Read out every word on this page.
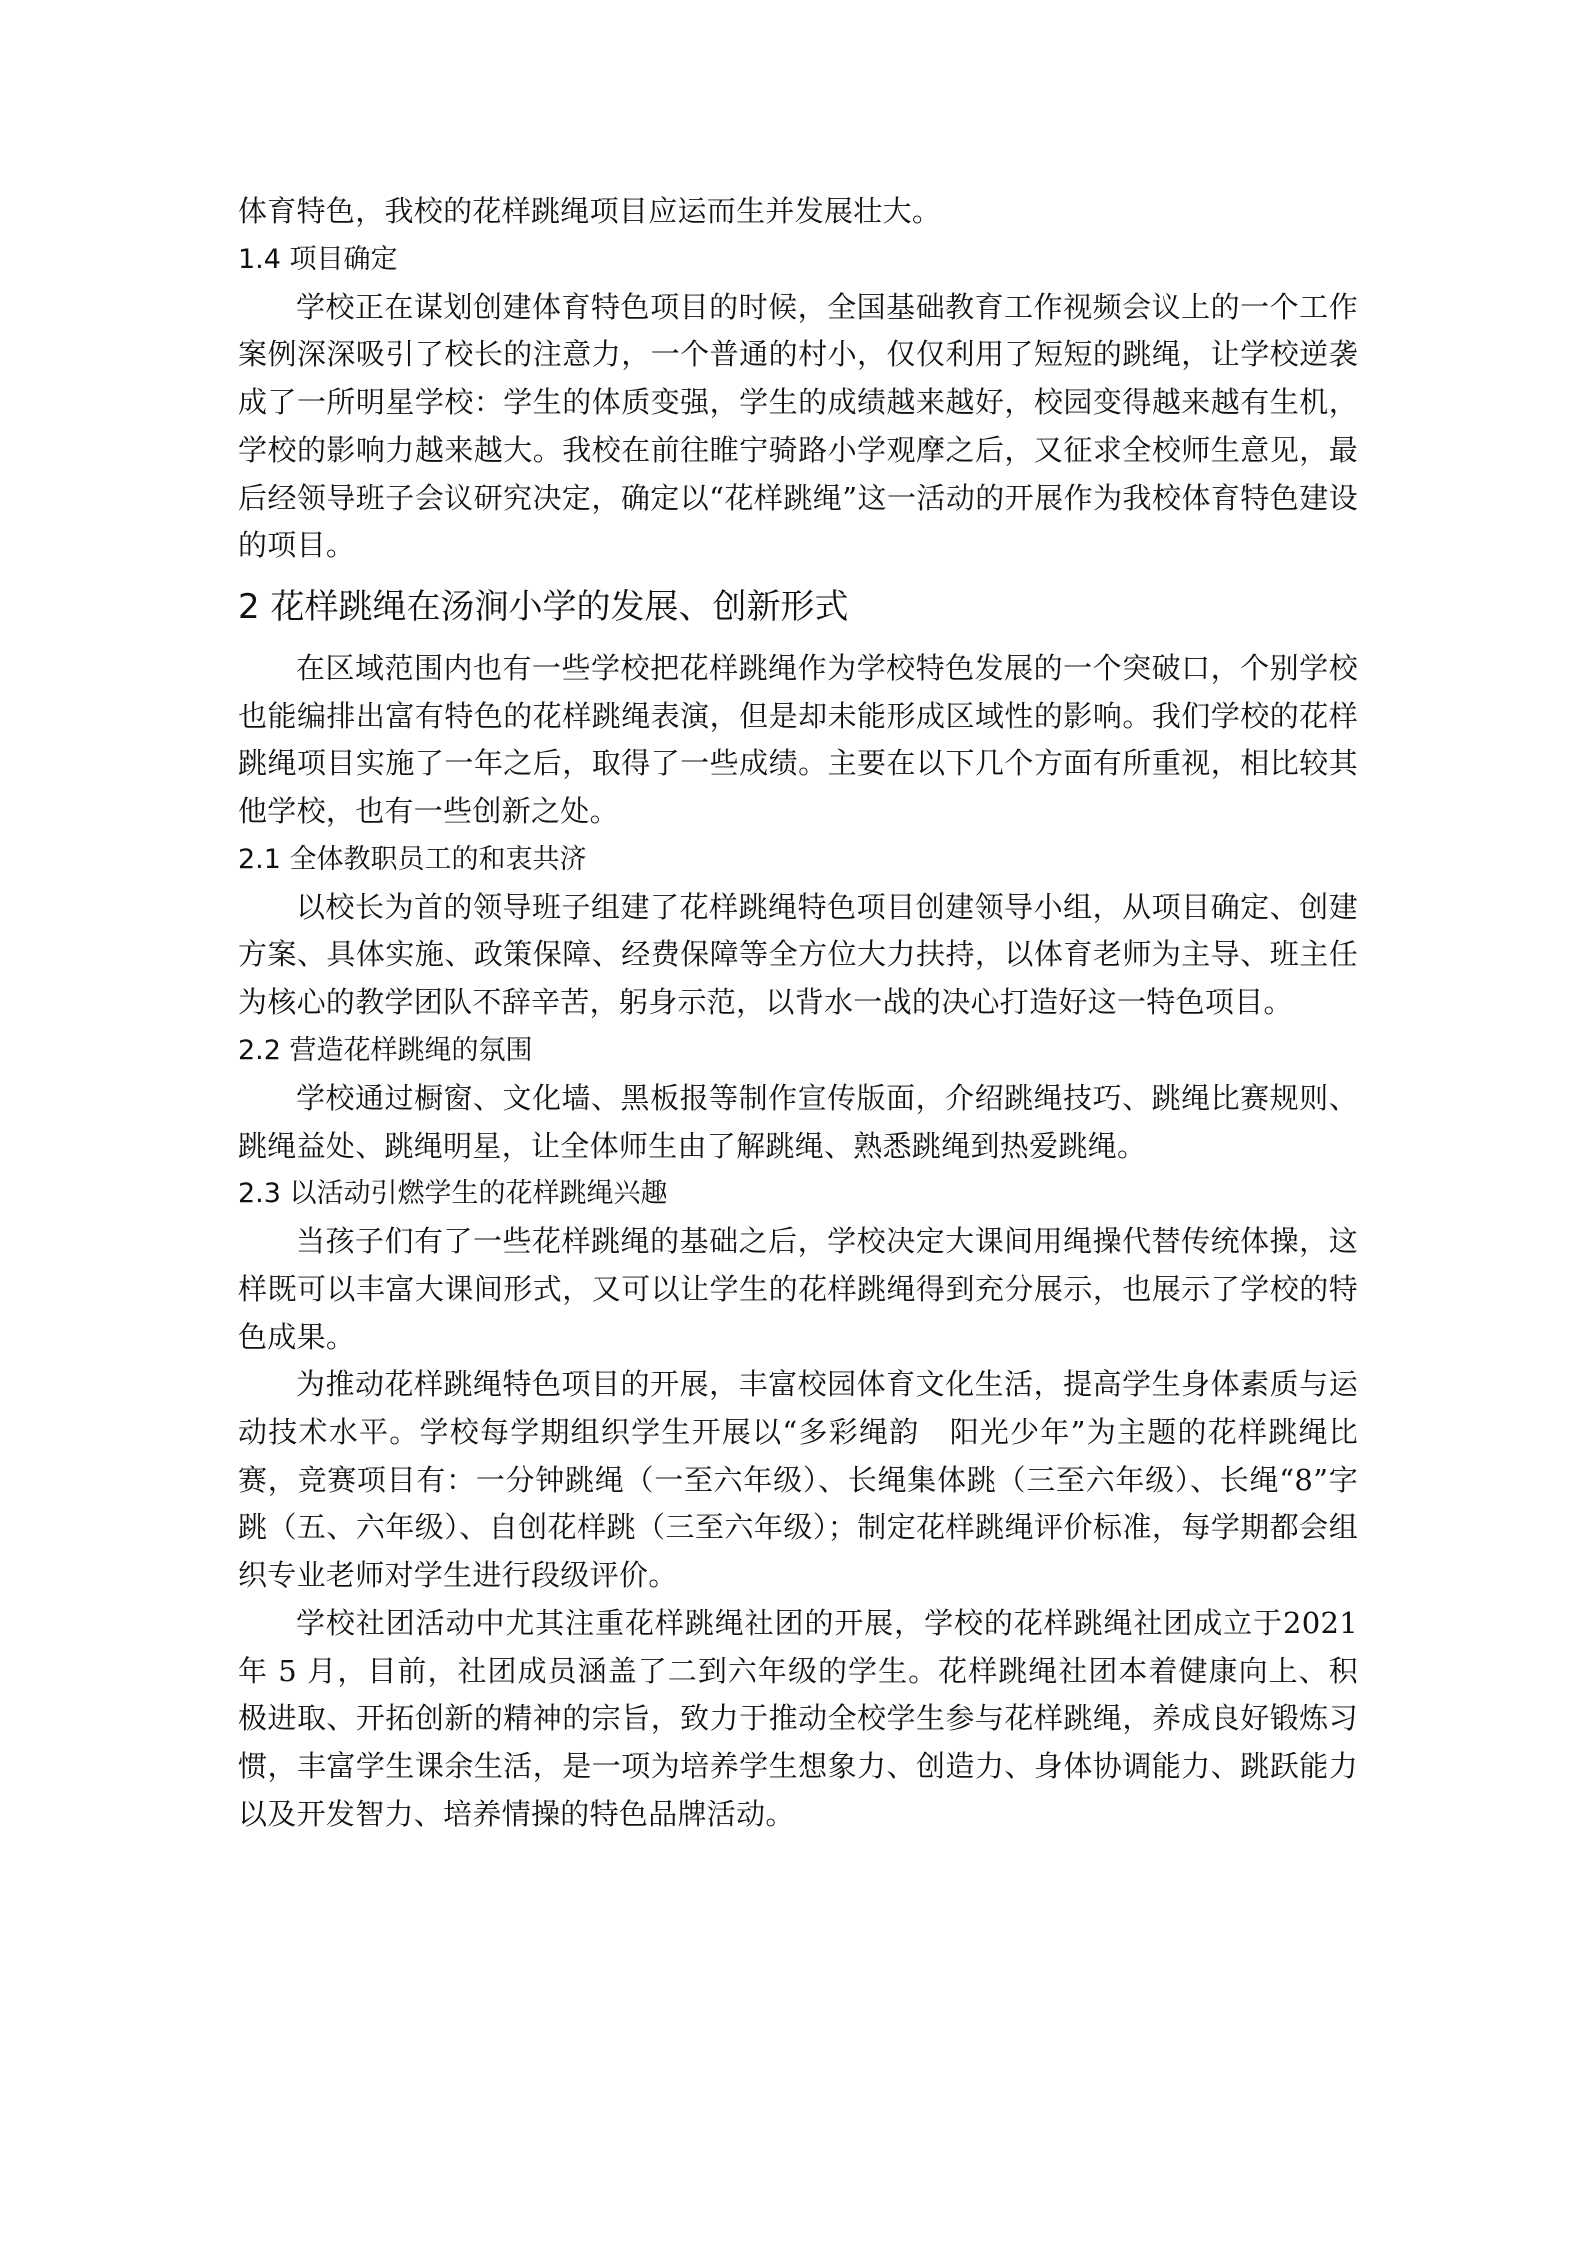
体育特色，我校的花样跳绳项目应运而生并发展壮大。

1.4 项目确定

学校正在谋划创建体育特色项目的时候，全国基础教育工作视频会议上的一个工作案例深深吸引了校长的注意力，一个普通的村小，仅仅利用了短短的跳绳，让学校逆袭成了一所明星学校：学生的体质变强，学生的成绩越来越好，校园变得越来越有生机，学校的影响力越来越大。我校在前往睢宁骑路小学观摩之后，又征求全校师生意见，最后经领导班子会议研究决定，确定以“花样跳绳”这一活动的开展作为我校体育特色建设的项目。

2 花样跳绳在汤涧小学的发展、创新形式

在区域范围内也有一些学校把花样跳绳作为学校特色发展的一个突破口，个别学校也能编排出富有特色的花样跳绳表演，但是却未能形成区域性的影响。我们学校的花样跳绳项目实施了一年之后，取得了一些成绩。主要在以下几个方面有所重视，相比较其他学校，也有一些创新之处。

2.1 全体教职员工的和衷共济

以校长为首的领导班子组建了花样跳绳特色项目创建领导小组，从项目确定、创建方案、具体实施、政策保障、经费保障等全方位大力扶持，以体育老师为主导、班主任为核心的教学团队不辞辛苦，躬身示范，以背水一战的决心打造好这一特色项目。

2.2 营造花样跳绳的氛围

学校通过橱窗、文化墙、黑板报等制作宣传版面，介绍跳绳技巧、跳绳比赛规则、跳绳益处、跳绳明星，让全体师生由了解跳绳、熟悉跳绳到热爱跳绳。

2.3 以活动引燃学生的花样跳绳兴趣

当孩子们有了一些花样跳绳的基础之后，学校决定大课间用绳操代替传统体操，这样既可以丰富大课间形式，又可以让学生的花样跳绳得到充分展示，也展示了学校的特色成果。

为推动花样跳绳特色项目的开展，丰富校园体育文化生活，提高学生身体素质与运动技术水平。学校每学期组织学生开展以“多彩绳韵　阳光少年”为主题的花样跳绳比赛，竞赛项目有：一分钟跳绳（一至六年级）、长绳集体跳（三至六年级）、长绳“8”字跳（五、六年级）、自创花样跳（三至六年级）；制定花样跳绳评价标准，每学期都会组织专业老师对学生进行段级评价。

学校社团活动中尤其注重花样跳绳社团的开展，学校的花样跳绳社团成立于2021 年 5 月，目前，社团成员涵盖了二到六年级的学生。花样跳绳社团本着健康向上、积极进取、开拓创新的精神的宗旨，致力于推动全校学生参与花样跳绳，养成良好锻炼习惯，丰富学生课余生活，是一项为培养学生想象力、创造力、身体协调能力、跳跃能力以及开发智力、培养情操的特色品牌活动。
